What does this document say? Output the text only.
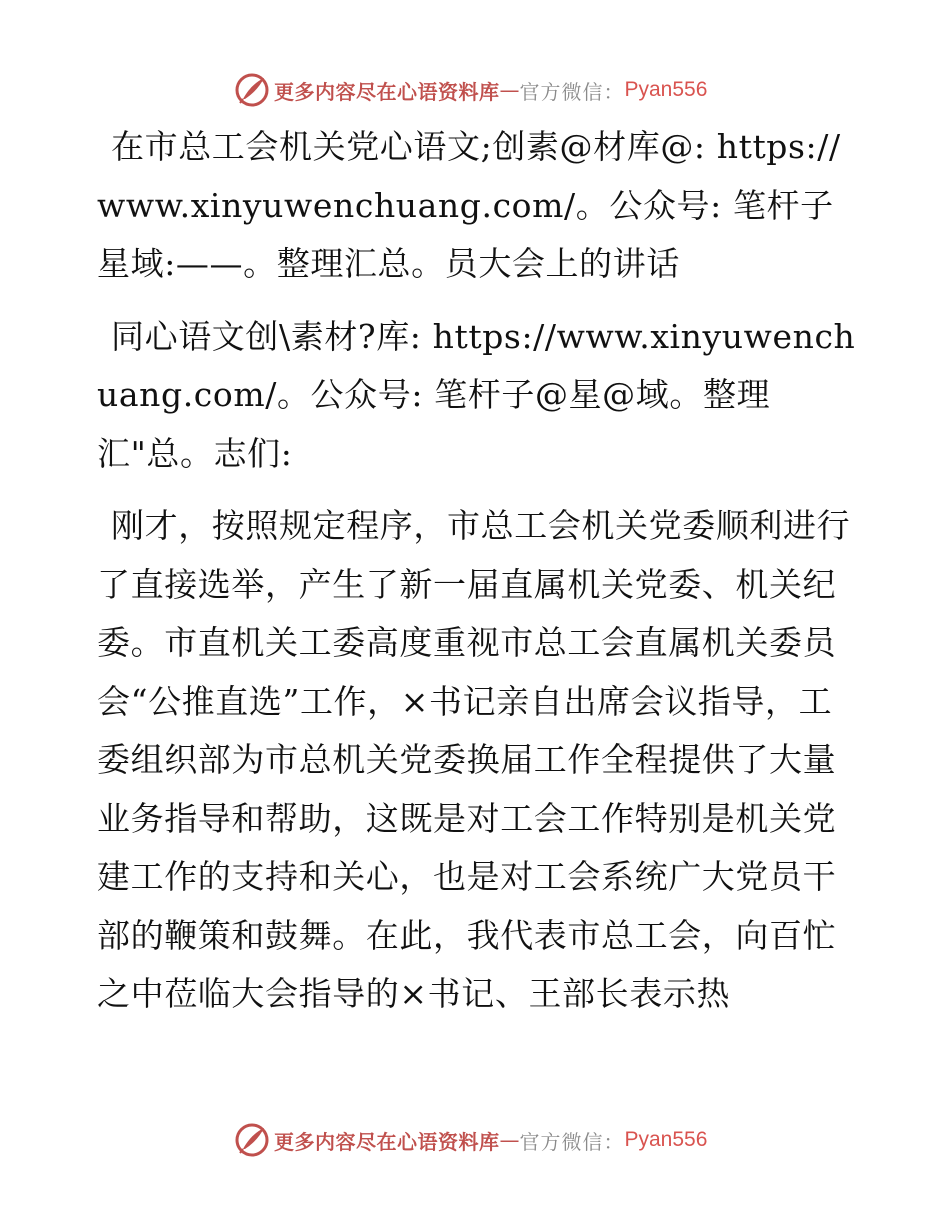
更多内容尽在心语资料库 — 官方微信： Pyan556

在市总工会机关党心语文;创素@材库@: https://www.xinyuwenchuang.com/。公众号: 笔杆子星域:——。整理汇总。员大会上的讲话

同心语文创\素材?库: https://www.xinyuwenchuang.com/。公众号: 笔杆子@星@域。整理汇"总。志们:

刚才，按照规定程序，市总工会机关党委顺利进行了直接选举，产生了新一届直属机关党委、机关纪委。市直机关工委高度重视市总工会直属机关委员会“公推直选”工作，×书记亲自出席会议指导，工委组织部为市总机关党委换届工作全程提供了大量业务指导和帮助，这既是对工会工作特别是机关党建工作的支持和关心，也是对工会系统广大党员干部的鞭策和鼓舞。在此，我代表市总工会，向百忙之中莅临大会指导的×书记、王部长表示热

更多内容尽在心语资料库 — 官方微信： Pyan556
